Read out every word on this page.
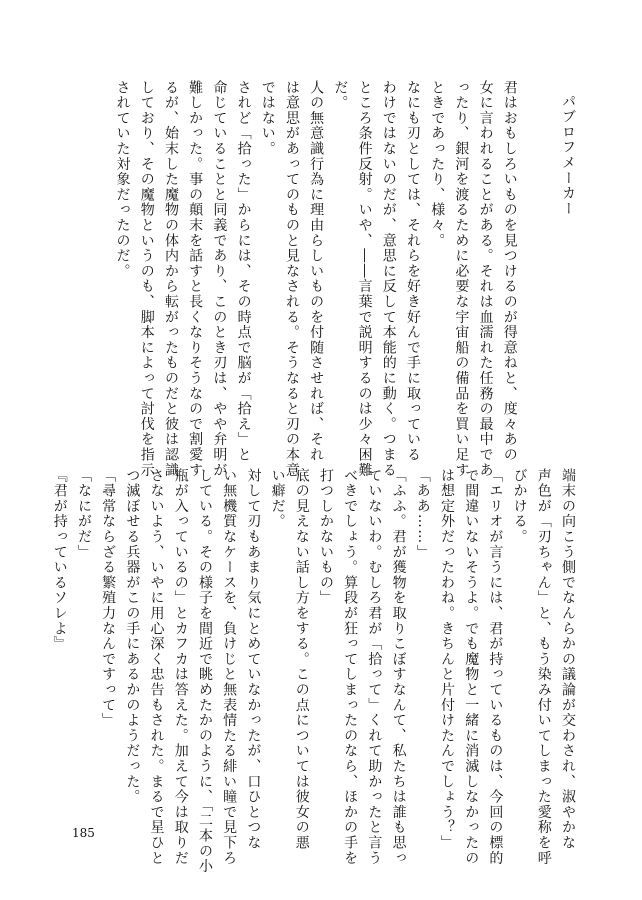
パブロフメーカー

君はおもしろいものを見つけるのが得意ねと、度々あの

女に言われることがある。それは血濡れた任務の最中であ

ったり、銀河を渡るために必要な宇宙船の備品を買い足す

ときであったり、様々。

なにも刃としては、それらを好き好んで手に取っている

わけではないのだが、意思に反して本能的に動く。つまる

ところ条件反射。いや、――言葉で説明するのは少々困難

だ。

人の無意識行為に理由らしいものを付随させれば、それ

は意思があってのものと見なされる。そうなると刃の本意

ではない。

されど「拾った」からには、その時点で脳が「拾え」と

命じていることと同義であり、このとき刃は、やや弁明が

難しかった。事の顛末を話すと長くなりそうなので割愛す

るが、始末した魔物の体内から転がったものだと彼は認識

しており、その魔物というのも、脚本によって討伐を指示

されていた対象だったのだ。

端末の向こう側でなんらかの議論が交わされ、淑やかな

声色が「刃ちゃん」と、もう染み付いてしまった愛称を呼

びかける。

「エリオが言うには、君が持っているものは、今回の標的

で間違いないそうよ。でも魔物と一緒に消滅しなかったの

は想定外だったわね。きちんと片付けたんでしょう？」

「ああ……」

「ふふ。君が獲物を取りこぼすなんて、私たちは誰も思っ

ていないわ。むしろ君が「拾って」くれて助かったと言う

べきでしょう。算段が狂ってしまったのなら、ほかの手を

打つしかないもの」

底の見えない話し方をする。この点については彼女の悪

い癖だ。

対して刃もあまり気にとめていなかったが、口ひとつな

い無機質なケースを、負けじと無表情たる緋い瞳で見下ろ

している。その様子を間近で眺めたかのように、「二本の小

瓶が入っているの」とカフカは答えた。加えて今は取りだ

さないよう、いやに用心深く忠告もされた。まるで星ひと

つ滅ぼせる兵器がこの手にあるかのようだった。

「尋常ならざる繁殖力なんですって」

「なにがだ」

『君が持っているソレよ』

185
